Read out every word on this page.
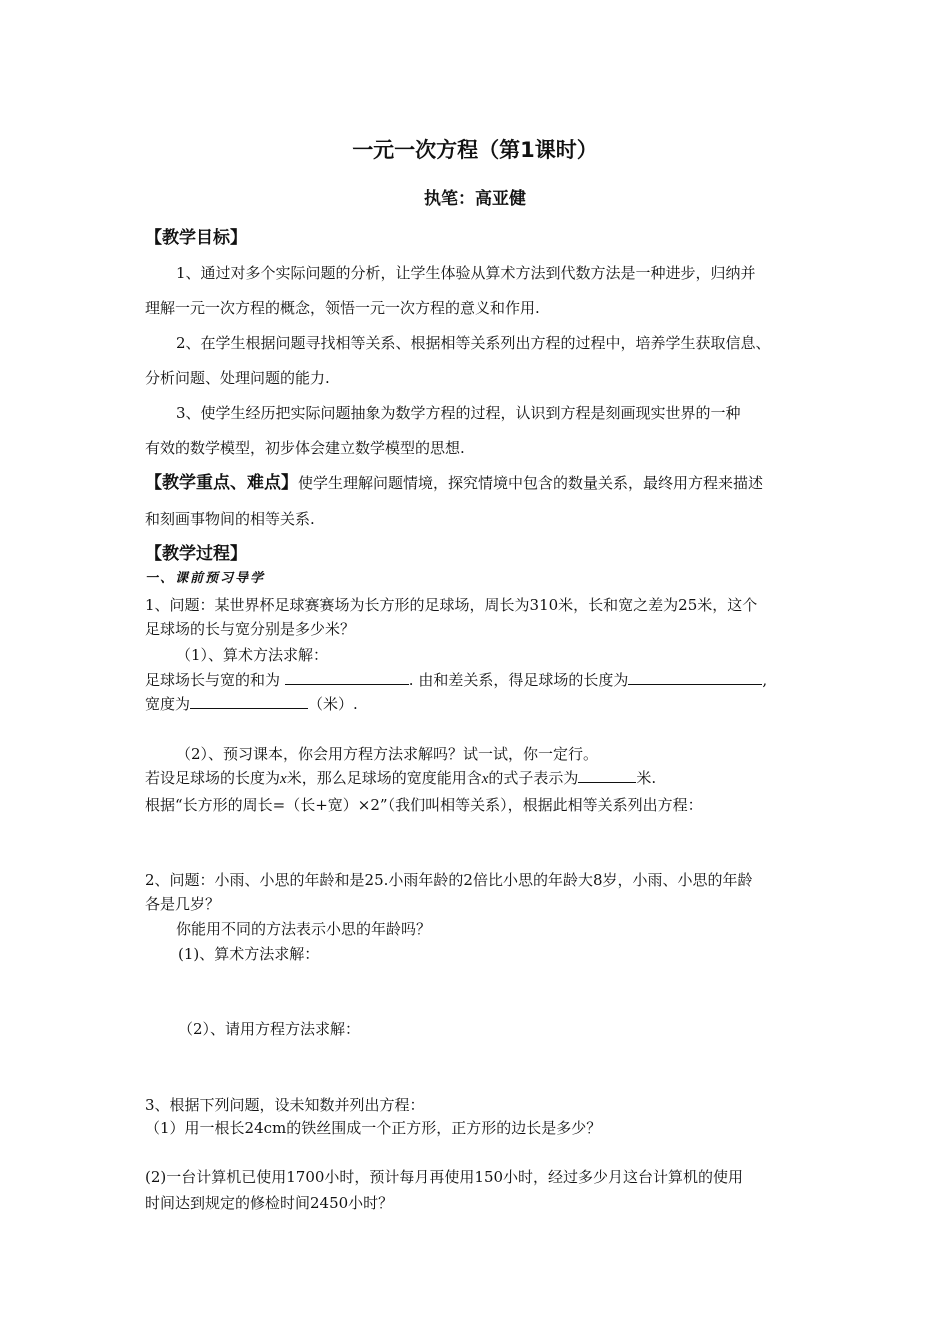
一元一次方程（第1课时）
执笔：高亚健
【教学目标】
1、通过对多个实际问题的分析，让学生体验从算术方法到代数方法是一种进步，归纳并
理解一元一次方程的概念，领悟一元一次方程的意义和作用.
2、在学生根据问题寻找相等关系、根据相等关系列出方程的过程中，培养学生获取信息、
分析问题、处理问题的能力.
3、使学生经历把实际问题抽象为数学方程的过程，认识到方程是刻画现实世界的一种
有效的数学模型，初步体会建立数学模型的思想.
【教学重点、难点】使学生理解问题情境，探究情境中包含的数量关系，最终用方程来描述
和刻画事物间的相等关系.
【教学过程】
一、课前预习导学
1、问题：某世界杯足球赛赛场为长方形的足球场，周长为310米，长和宽之差为25米，这个
足球场的长与宽分别是多少米？
（1）、算术方法求解：
足球场长与宽的和为	. 由和差关系，得足球场的长度为	,
宽度为	（米）.
（2）、预习课本，你会用方程方法求解吗？试一试，你一定行。
若设足球场的长度为x米，那么足球场的宽度能用含x的式子表示为	米.
根据“长方形的周长=（长+宽）×2”（我们叫相等关系），根据此相等关系列出方程：
2、问题：小雨、小思的年龄和是25.小雨年龄的2倍比小思的年龄大8岁，小雨、小思的年龄
各是几岁？
你能用不同的方法表示小思的年龄吗？
(1)、算术方法求解：
（2）、请用方程方法求解：
3、根据下列问题，设未知数并列出方程：
（1）用一根长24cm的铁丝围成一个正方形，正方形的边长是多少？
(2)一台计算机已使用1700小时，预计每月再使用150小时，经过多少月这台计算机的使用
时间达到规定的修检时间2450小时？
